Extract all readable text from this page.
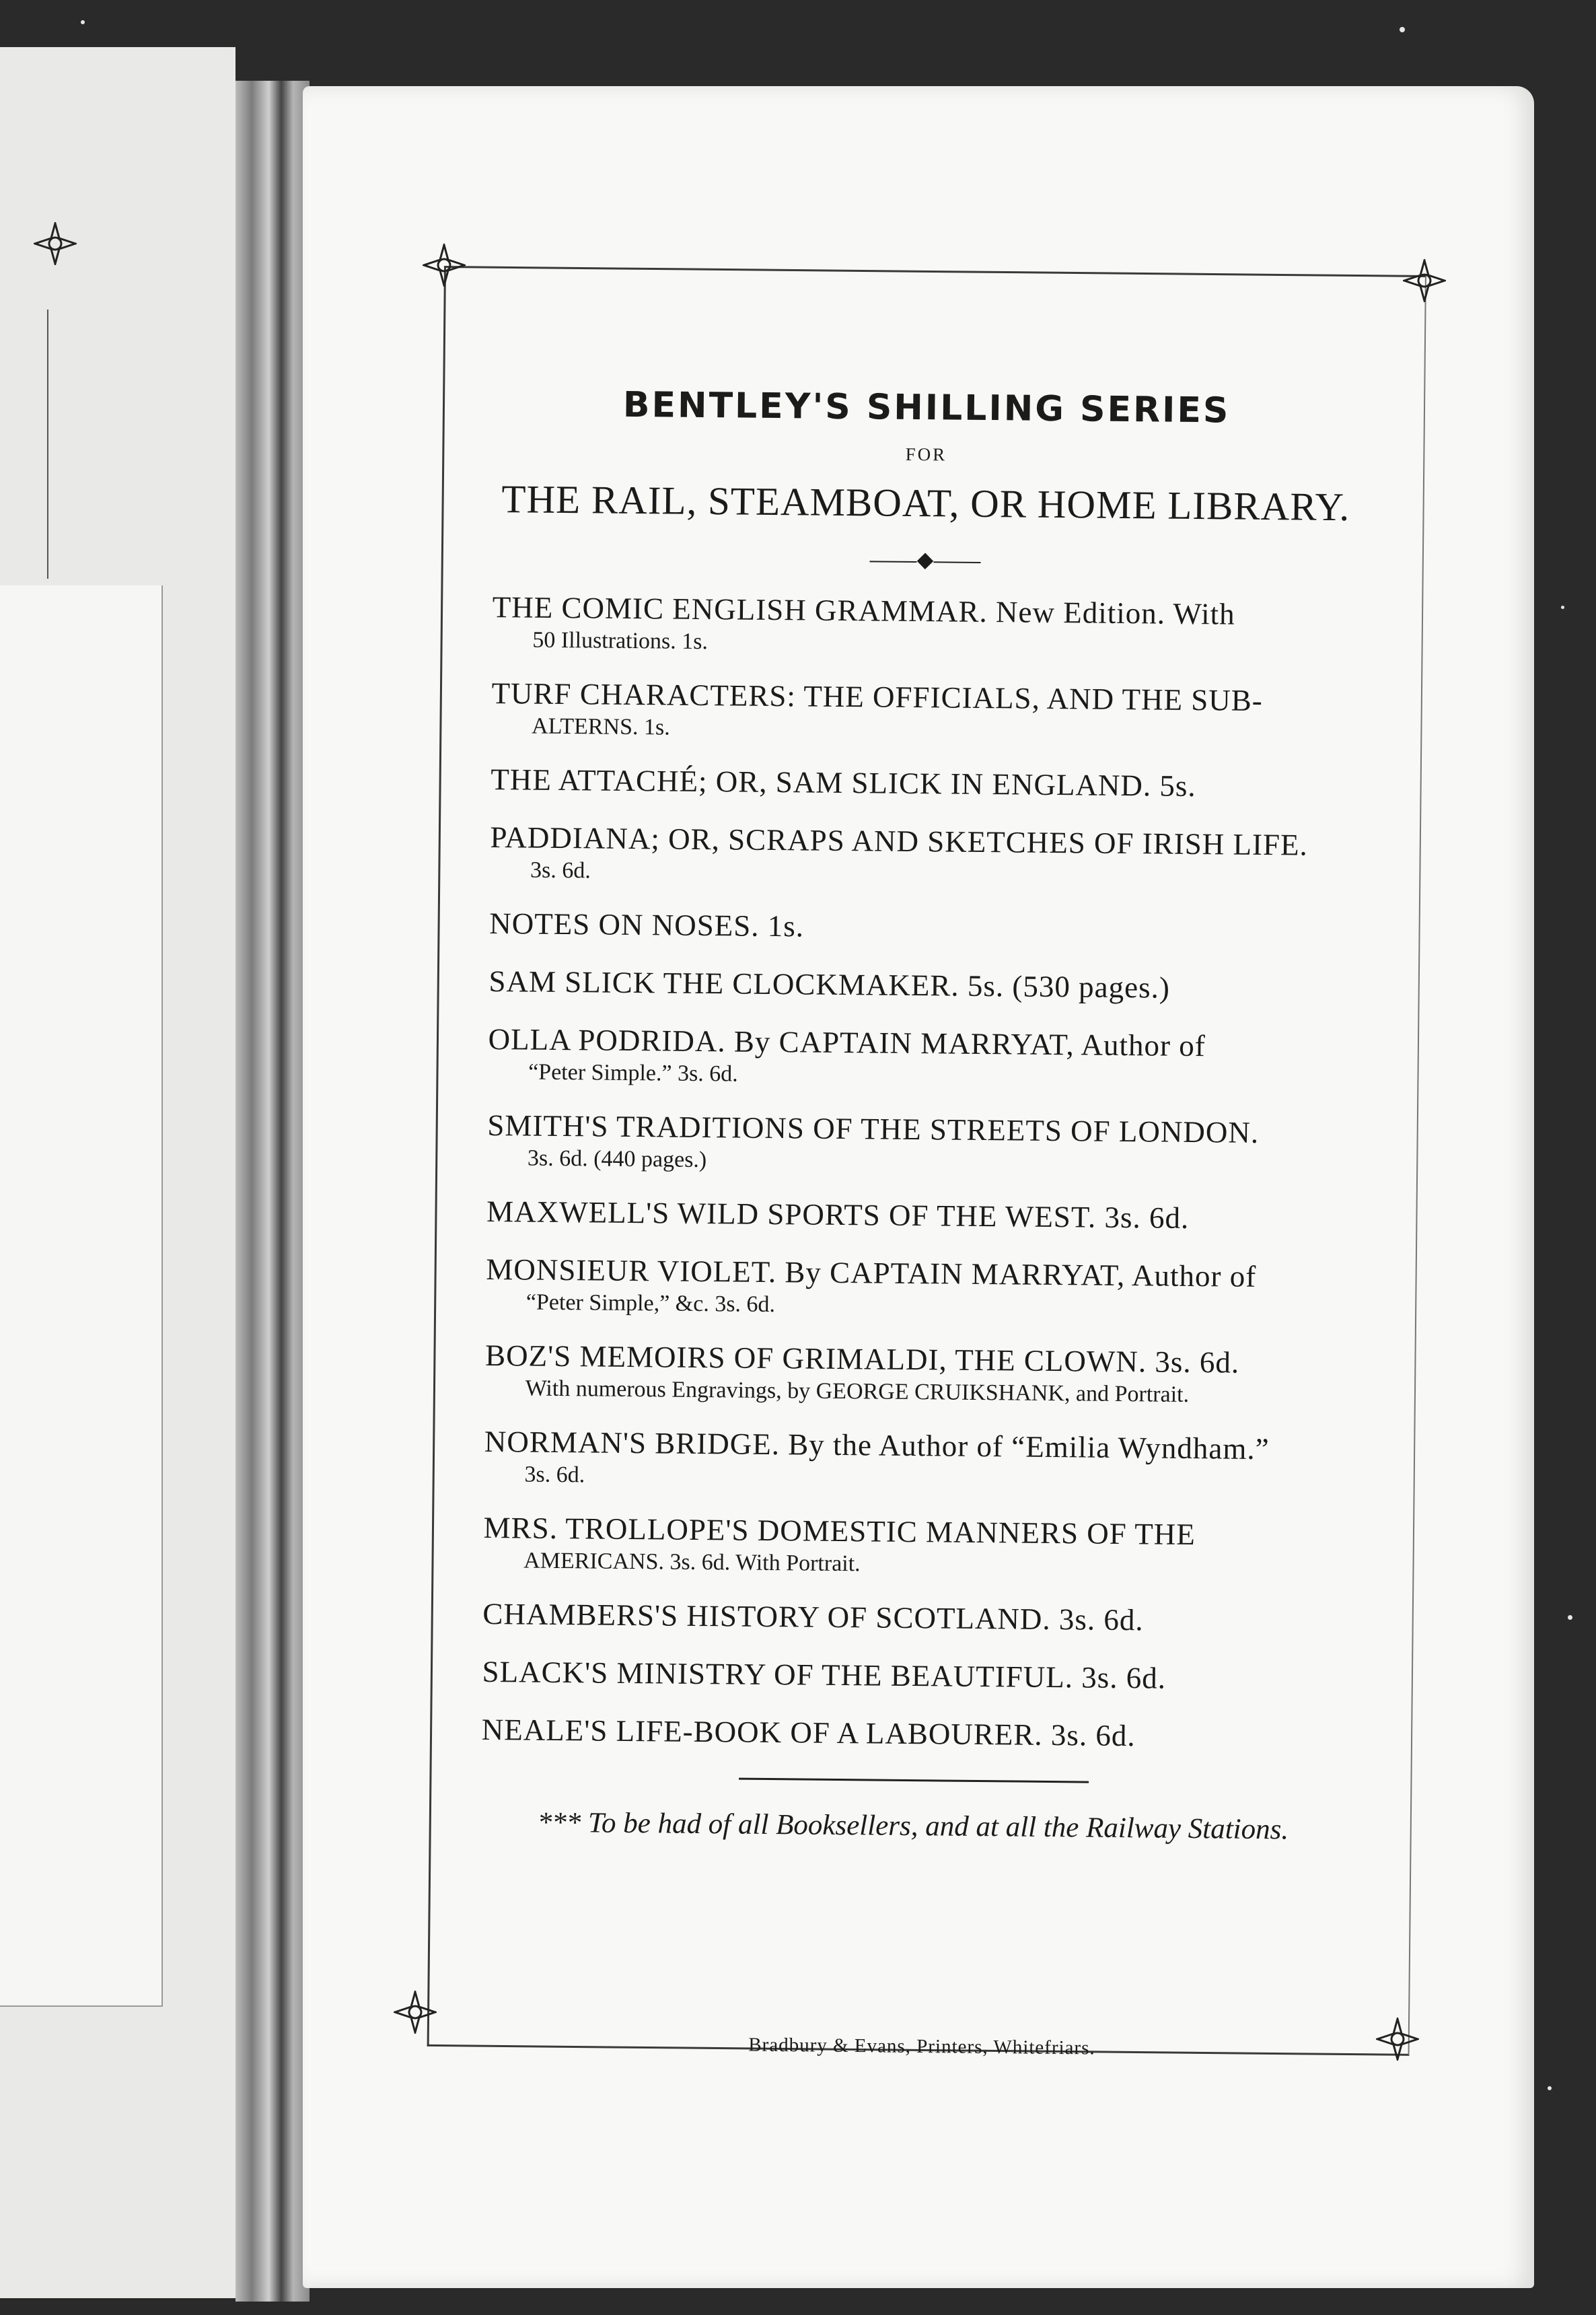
BENTLEY'S SHILLING SERIES
FOR
THE RAIL, STEAMBOAT, OR HOME LIBRARY.
◆
THE COMIC ENGLISH GRAMMAR. New Edition. With
50 Illustrations. 1s.
TURF CHARACTERS: THE OFFICIALS, AND THE SUB-
ALTERNS. 1s.
THE ATTACHÉ; OR, SAM SLICK IN ENGLAND. 5s.
PADDIANA; OR, SCRAPS AND SKETCHES OF IRISH LIFE.
3s. 6d.
NOTES ON NOSES. 1s.
SAM SLICK THE CLOCKMAKER. 5s. (530 pages.)
OLLA PODRIDA. By CAPTAIN MARRYAT, Author of
“Peter Simple.” 3s. 6d.
SMITH'S TRADITIONS OF THE STREETS OF LONDON.
3s. 6d. (440 pages.)
MAXWELL'S WILD SPORTS OF THE WEST. 3s. 6d.
MONSIEUR VIOLET. By CAPTAIN MARRYAT, Author of
“Peter Simple,” &c. 3s. 6d.
BOZ'S MEMOIRS OF GRIMALDI, THE CLOWN. 3s. 6d.
With numerous Engravings, by GEORGE CRUIKSHANK, and Portrait.
NORMAN'S BRIDGE. By the Author of “Emilia Wyndham.”
3s. 6d.
MRS. TROLLOPE'S DOMESTIC MANNERS OF THE
AMERICANS. 3s. 6d. With Portrait.
CHAMBERS'S HISTORY OF SCOTLAND. 3s. 6d.
SLACK'S MINISTRY OF THE BEAUTIFUL. 3s. 6d.
NEALE'S LIFE-BOOK OF A LABOURER. 3s. 6d.
*** To be had of all Booksellers, and at all the Railway Stations.
Bradbury & Evans, Printers, Whitefriars.
